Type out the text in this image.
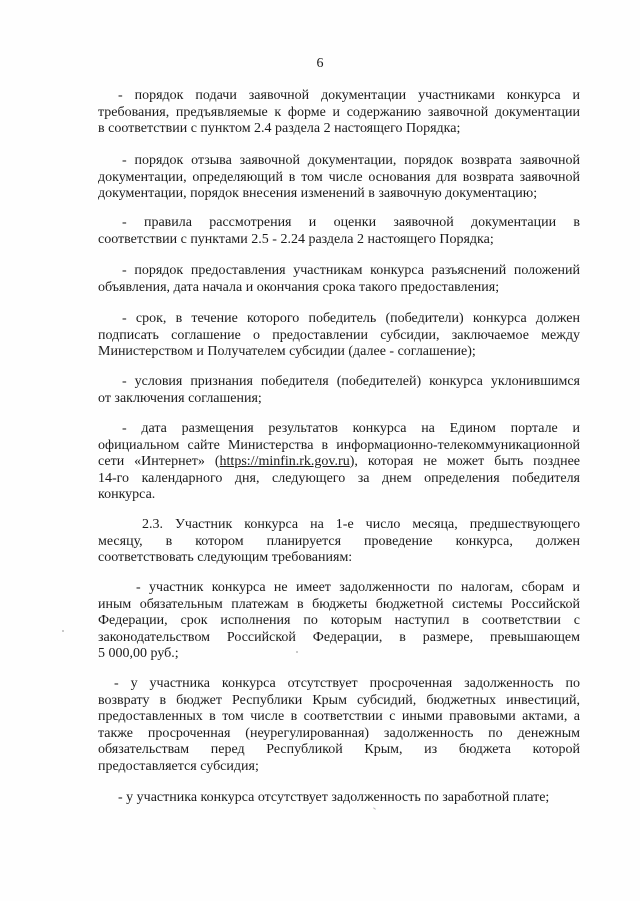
6
- порядок подачи заявочной документации участниками конкурса и
требования, предъявляемые к форме и содержанию заявочной документации
в соответствии с пунктом 2.4 раздела 2 настоящего Порядка;
- порядок отзыва заявочной документации, порядок возврата заявочной
документации, определяющий в том числе основания для возврата заявочной
документации, порядок внесения изменений в заявочную документацию;
- правила рассмотрения и оценки заявочной документации в
соответствии с пунктами 2.5 - 2.24 раздела 2 настоящего Порядка;
- порядок предоставления участникам конкурса разъяснений положений
объявления, дата начала и окончания срока такого предоставления;
- срок, в течение которого победитель (победители) конкурса должен
подписать соглашение о предоставлении субсидии, заключаемое между
Министерством и Получателем субсидии (далее - соглашение);
- условия признания победителя (победителей) конкурса уклонившимся
от заключения соглашения;
- дата размещения результатов конкурса на Едином портале и
официальном сайте Министерства в информационно-телекоммуникационной
сети «Интернет» (https://minfin.rk.gov.ru), которая не может быть позднее
14-го календарного дня, следующего за днем определения победителя
конкурса.
2.3. Участник конкурса на 1-е число месяца, предшествующего
месяцу, в котором планируется проведение конкурса, должен
соответствовать следующим требованиям:
- участник конкурса не имеет задолженности по налогам, сборам и
иным обязательным платежам в бюджеты бюджетной системы Российской
Федерации, срок исполнения по которым наступил в соответствии с
законодательством Российской Федерации, в размере, превышающем
5 000,00 руб.;
- у участника конкурса отсутствует просроченная задолженность по
возврату в бюджет Республики Крым субсидий, бюджетных инвестиций,
предоставленных в том числе в соответствии с иными правовыми актами, а
также просроченная (неурегулированная) задолженность по денежным
обязательствам перед Республикой Крым, из бюджета которой
предоставляется субсидия;
- у участника конкурса отсутствует задолженность по заработной плате;
